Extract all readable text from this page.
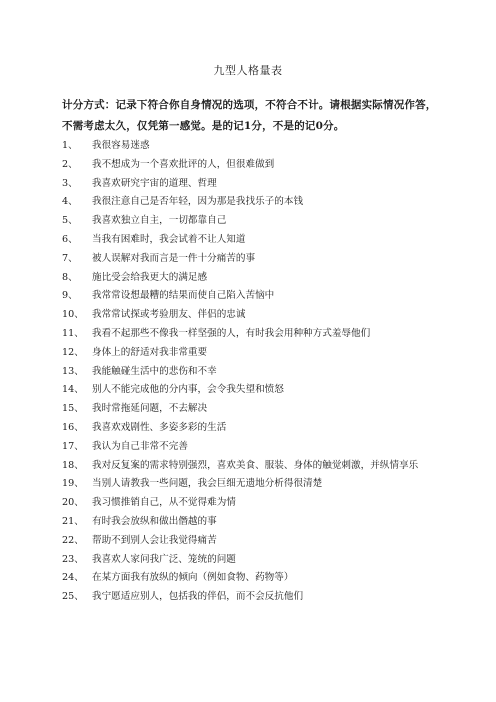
九型人格量表
计分方式：记录下符合你自身情况的选项，不符合不计。请根据实际情况作答，不需考虑太久，仅凭第一感觉。是的记1分，不是的记0分。
1、	我很容易迷惑
2、	我不想成为一个喜欢批评的人，但很难做到
3、	我喜欢研究宇宙的道理、哲理
4、	我很注意自己是否年轻，因为那是我找乐子的本钱
5、	我喜欢独立自主，一切都靠自己
6、	当我有困难时，我会试着不让人知道
7、	被人误解对我而言是一件十分痛苦的事
8、	施比受会给我更大的满足感
9、	我常常设想最糟的结果而使自己陷入苦恼中
10、 我常常试探或考验朋友、伴侣的忠诚
11、 我看不起那些不像我一样坚强的人，有时我会用种种方式羞辱他们
12、 身体上的舒适对我非常重要
13、 我能触碰生活中的悲伤和不幸
14、 别人不能完成他的分内事，会令我失望和愤怒
15、 我时常拖延问题，不去解决
16、 我喜欢戏剧性、多姿多彩的生活
17、 我认为自己非常不完善
18、 我对反复案的需求特别强烈，喜欢美食、服装、身体的触觉刺激，并纵情享乐
19、 当别人请教我一些问题，我会巨细无遗地分析得很清楚
20、 我习惯推销自己，从不觉得难为情
21、 有时我会放纵和做出僭越的事
22、 帮助不到别人会让我觉得痛苦
23、 我喜欢人家问我广泛、笼统的问题
24、 在某方面我有放纵的倾向（例如食物、药物等）
25、 我宁愿适应别人，包括我的伴侣，而不会反抗他们
